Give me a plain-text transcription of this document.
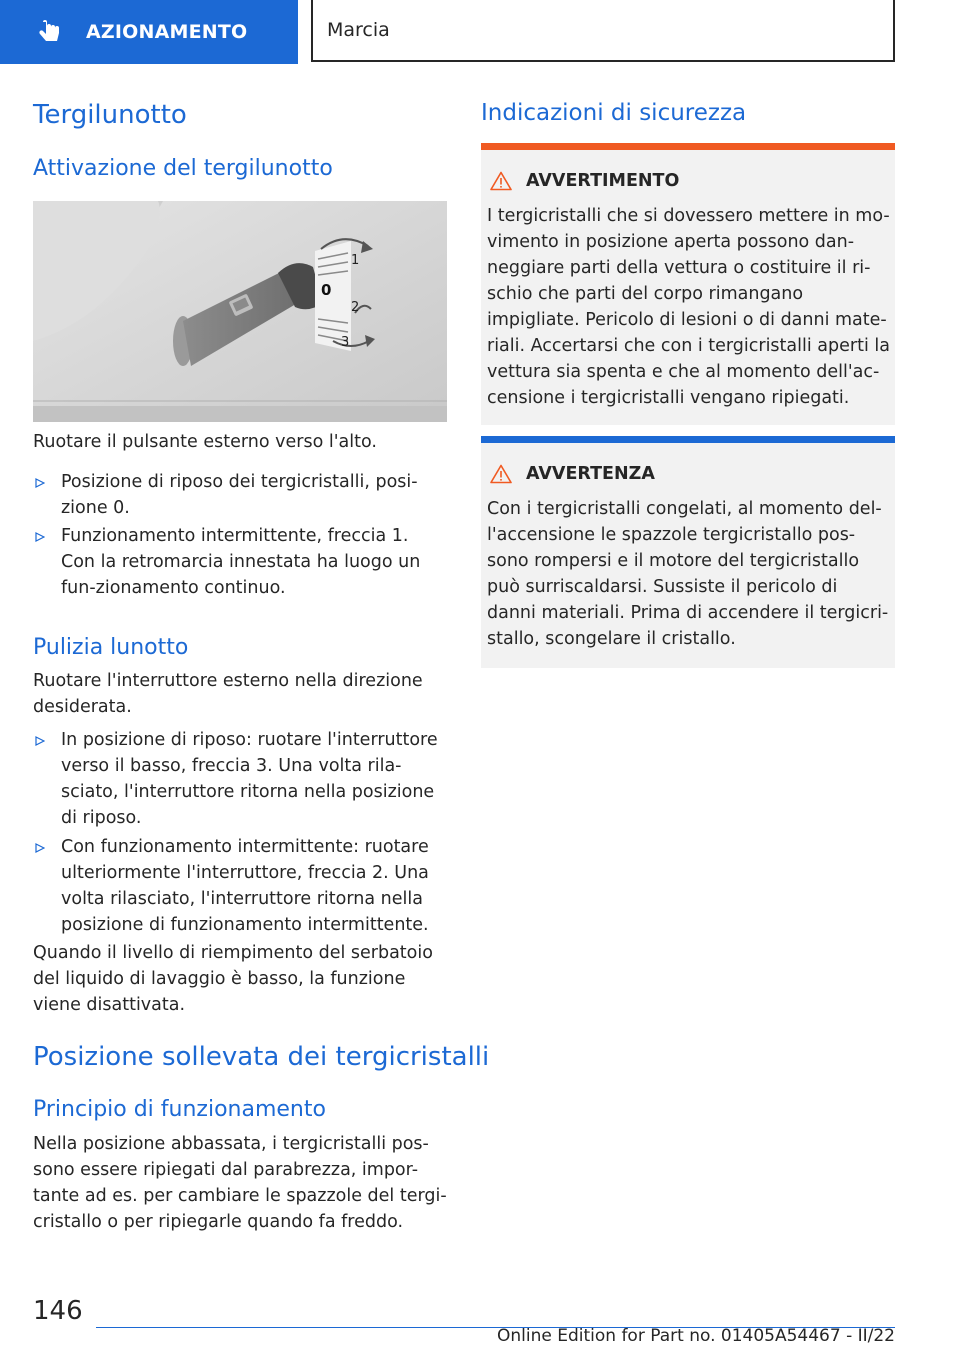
AZIONAMENTO	Marcia
Tergilunotto
Attivazione del tergilunotto
1
0
2
3

Ruotare il pulsante esterno verso l'alto.

Posizione di riposo dei tergicristalli, posi-zione 0.
Funzionamento intermittente, freccia 1. Con la retromarcia innestata ha luogo un fun-zionamento continuo.
Pulizia lunotto

Ruotare l'interruttore esterno nella direzione desiderata.

In posizione di riposo: ruotare l'interruttore verso il basso, freccia 3. Una volta rila-sciato, l'interruttore ritorna nella posizione di riposo.
Con funzionamento intermittente: ruotare ulteriormente l'interruttore, freccia 2. Una volta rilasciato, l'interruttore ritorna nella posizione di funzionamento intermittente.

Quando il livello di riempimento del serbatoio del liquido di lavaggio è basso, la funzione viene disattivata.

Posizione sollevata dei tergicristalli
Principio di funzionamento

Nella posizione abbassata, i tergicristalli pos-sono essere ripiegati dal parabrezza, impor-tante ad es. per cambiare le spazzole del tergi-cristallo o per ripiegarle quando fa freddo.

Indicazioni di sicurezza
AVVERTIMENTO
I tergicristalli che si dovessero mettere in mo-vimento in posizione aperta possono dan-neggiare parti della vettura o costituire il ri-schio che parti del corpo rimangano impigliate. Pericolo di lesioni o di danni mate-riali. Accertarsi che con i tergicristalli aperti la vettura sia spenta e che al momento dell'ac-censione i tergicristalli vengano ripiegati.
AVVERTENZA
Con i tergicristalli congelati, al momento del-l'accensione le spazzole tergicristallo pos-sono rompersi e il motore del tergicristallo può surriscaldarsi. Sussiste il pericolo di danni materiali. Prima di accendere il tergicri-stallo, scongelare il cristallo.
146
Online Edition for Part no. 01405A54467 - II/22
